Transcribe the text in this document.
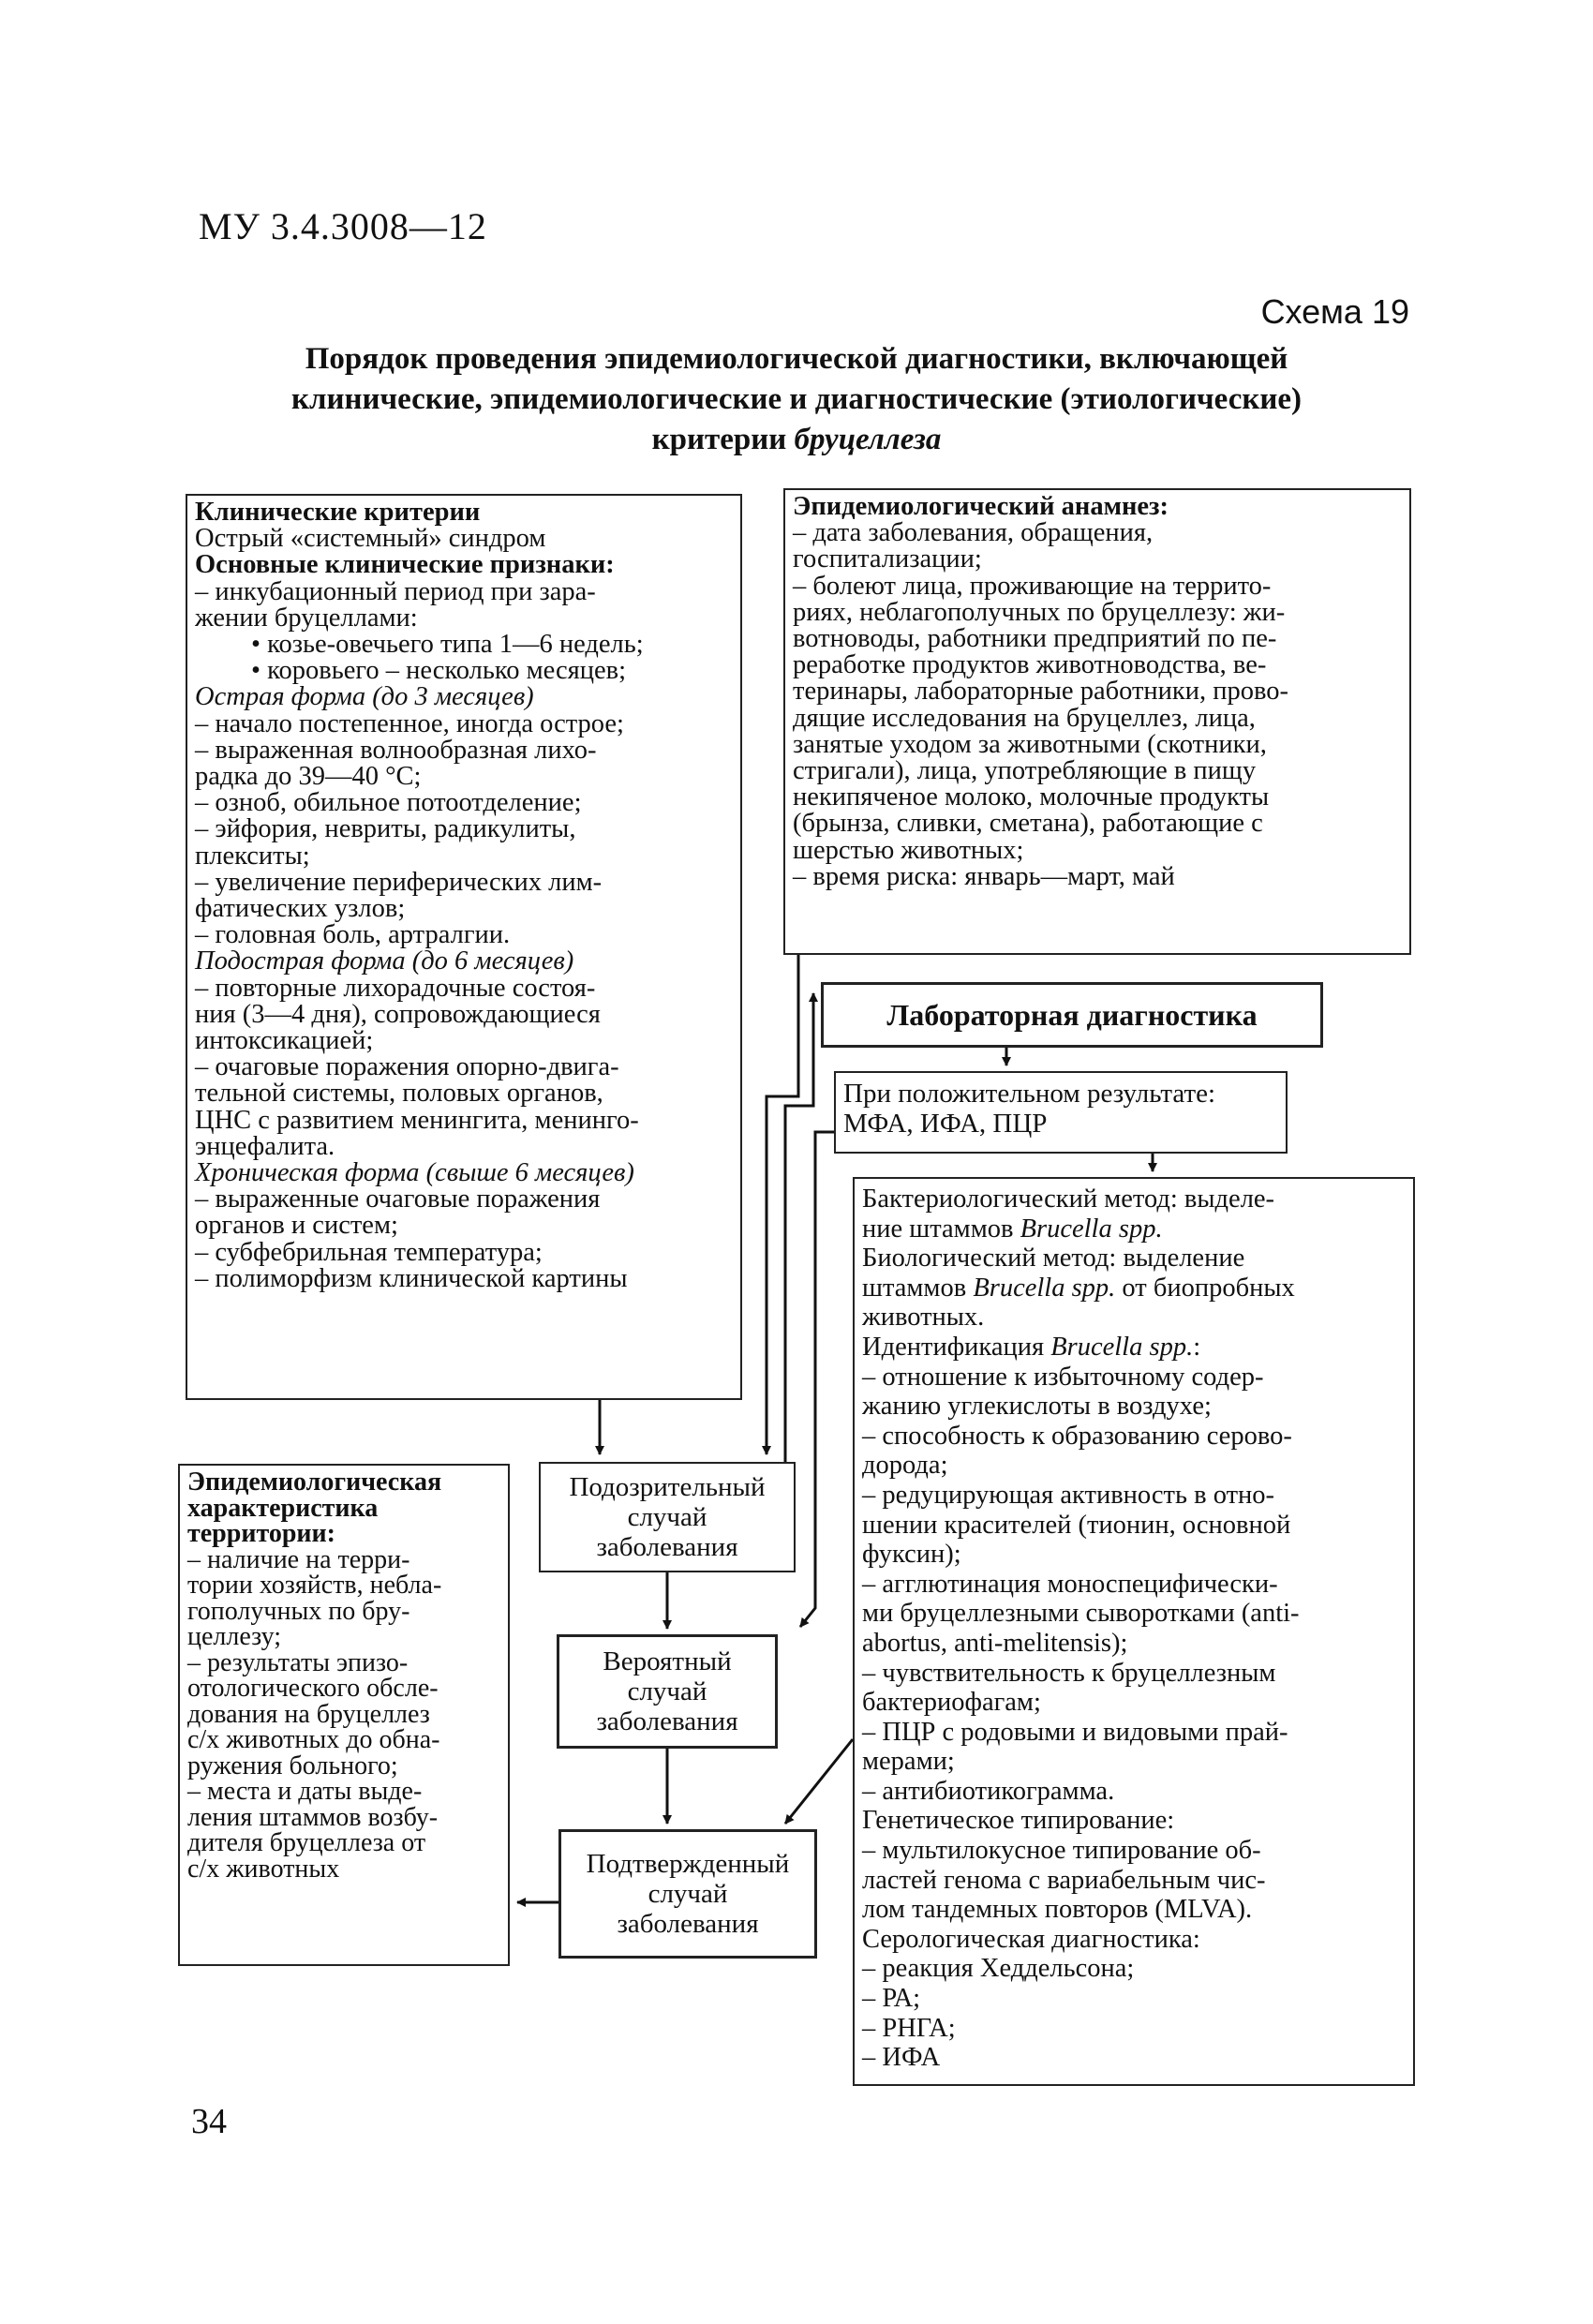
МУ 3.4.3008—12
Схема 19
Порядок проведения эпидемиологической диагностики, включающей
клинические, эпидемиологические и диагностические (этиологические)
критерии бруцеллеза

Клинические критерии

Острый «системный» синдром

Основные клинические признаки:

– инкубационный период при зара-

жении бруцеллами:

• козье-овечьего типа 1—6 недель;

• коровьего – несколько месяцев;

Острая форма (до 3 месяцев)

– начало постепенное, иногда острое;

– выраженная волнообразная лихо-

радка до 39—40 °С;

– озноб, обильное потоотделение;

– эйфория, невриты, радикулиты,

плекситы;

– увеличение периферических лим-

фатических узлов;

– головная боль, артралгии.

Подострая форма (до 6 месяцев)

– повторные лихорадочные состоя-

ния (3—4 дня), сопровождающиеся

интоксикацией;

– очаговые поражения опорно-двига-

тельной системы, половых органов,

ЦНС с развитием менингита, менинго-

энцефалита.

Хроническая форма (свыше 6 месяцев)

– выраженные очаговые поражения

органов и систем;

– субфебрильная температура;

– полиморфизм клинической картины

Эпидемиологический анамнез:

– дата заболевания, обращения,

госпитализации;

– болеют лица, проживающие на террито-

риях, неблагополучных по бруцеллезу: жи-

вотноводы, работники предприятий по пе-

реработке продуктов животноводства, ве-

теринары, лабораторные работники, прово-

дящие исследования на бруцеллез, лица,

занятые уходом за животными (скотники,

стригали), лица, употребляющие в пищу

некипяченое молоко, молочные продукты

(брынза, сливки, сметана), работающие с

шерстью животных;

– время риска: январь—март, май

Лабораторная диагностика

При положительном результате:

МФА, ИФА, ПЦР

Бактериологический метод: выделе-

ние штаммов Brucella spp.

Биологический метод: выделение

штаммов Brucella spp. от биопробных

животных.

Идентификация Brucella spp.:

– отношение к избыточному содер-

жанию углекислоты в воздухе;

– способность к образованию серово-

дорода;

– редуцирующая активность в отно-

шении красителей (тионин, основной

фуксин);

– агглютинация моноспецифически-

ми бруцеллезными сыворотками (anti-

abortus, anti-melitensis);

– чувствительность к бруцеллезным

бактериофагам;

– ПЦР с родовыми и видовыми прай-

мерами;

– антибиотикограмма.

Генетическое типирование:

– мультилокусное типирование об-

ластей генома с вариабельным чис-

лом тандемных повторов (MLVA).

Серологическая диагностика:

– реакция Хеддельсона;

– РА;

– РНГА;

– ИФА

Эпидемиологическая

характеристика

территории:

– наличие на терри-

тории хозяйств, небла-

гополучных по бру-

целлезу;

– результаты эпизо-

отологического обсле-

дования на бруцеллез

с/х животных до обна-

ружения больного;

– места и даты выде-

ления штаммов возбу-

дителя бруцеллеза от

с/х животных

Подозрительный
случай
заболевания
Вероятный
случай
заболевания
Подтвержденный
случай
заболевания
34
